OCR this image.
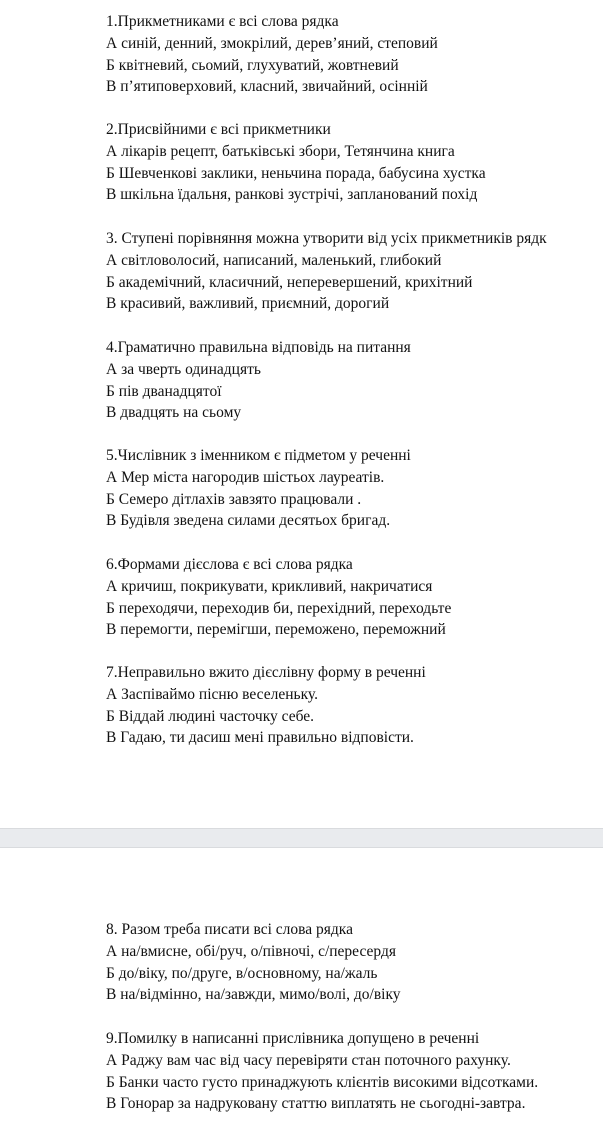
1.Прикметниками є всі слова рядка
А синій, денний, змокрілий, дерев’яний, степовий
Б квітневий, сьомий, глухуватий, жовтневий
В п’ятиповерховий, класний, звичайний, осінній
2.Присвійними є всі прикметники
А лікарів рецепт, батьківські збори, Тетянчина книга
Б Шевченкові заклики, неньчина порада, бабусина хустка
В шкільна їдальня, ранкові зустрічі, запланований похід
3. Ступені порівняння можна утворити від усіх прикметників рядк
А світловолосий, написаний, маленький, глибокий
Б академічний, класичний, неперевершений, крихітний
В красивий, важливий, приємний, дорогий
4.Граматично правильна відповідь на питання
А за чверть одинадцять
Б пів дванадцятої
В двадцять на сьому
5.Числівник з іменником є підметом у реченні
А Мер міста нагородив шістьох лауреатів.
Б Семеро дітлахів завзято працювали .
В Будівля зведена силами десятьох бригад.
6.Формами дієслова є всі слова рядка
А кричиш, покрикувати, крикливий, накричатися
Б переходячи, переходив би, перехідний, переходьте
В перемогти, перемігши, переможено, переможний
7.Неправильно вжито дієслівну форму в реченні
А Заспіваймо пісню веселеньку.
Б Віддай людині часточку себе.
В Гадаю, ти дасиш мені правильно відповісти.
8. Разом треба писати всі слова рядка
А на/вмисне, обі/руч, о/півночі, с/пересердя
Б до/віку, по/друге, в/основному, на/жаль
В на/відмінно, на/завжди, мимо/волі, до/віку
9.Помилку в написанні прислівника допущено в реченні
А Раджу вам час від часу перевіряти стан поточного рахунку.
Б Банки часто густо принаджують клієнтів високими відсотками.
В Гонорар за надруковану статтю виплатять не сьогодні-завтра.
